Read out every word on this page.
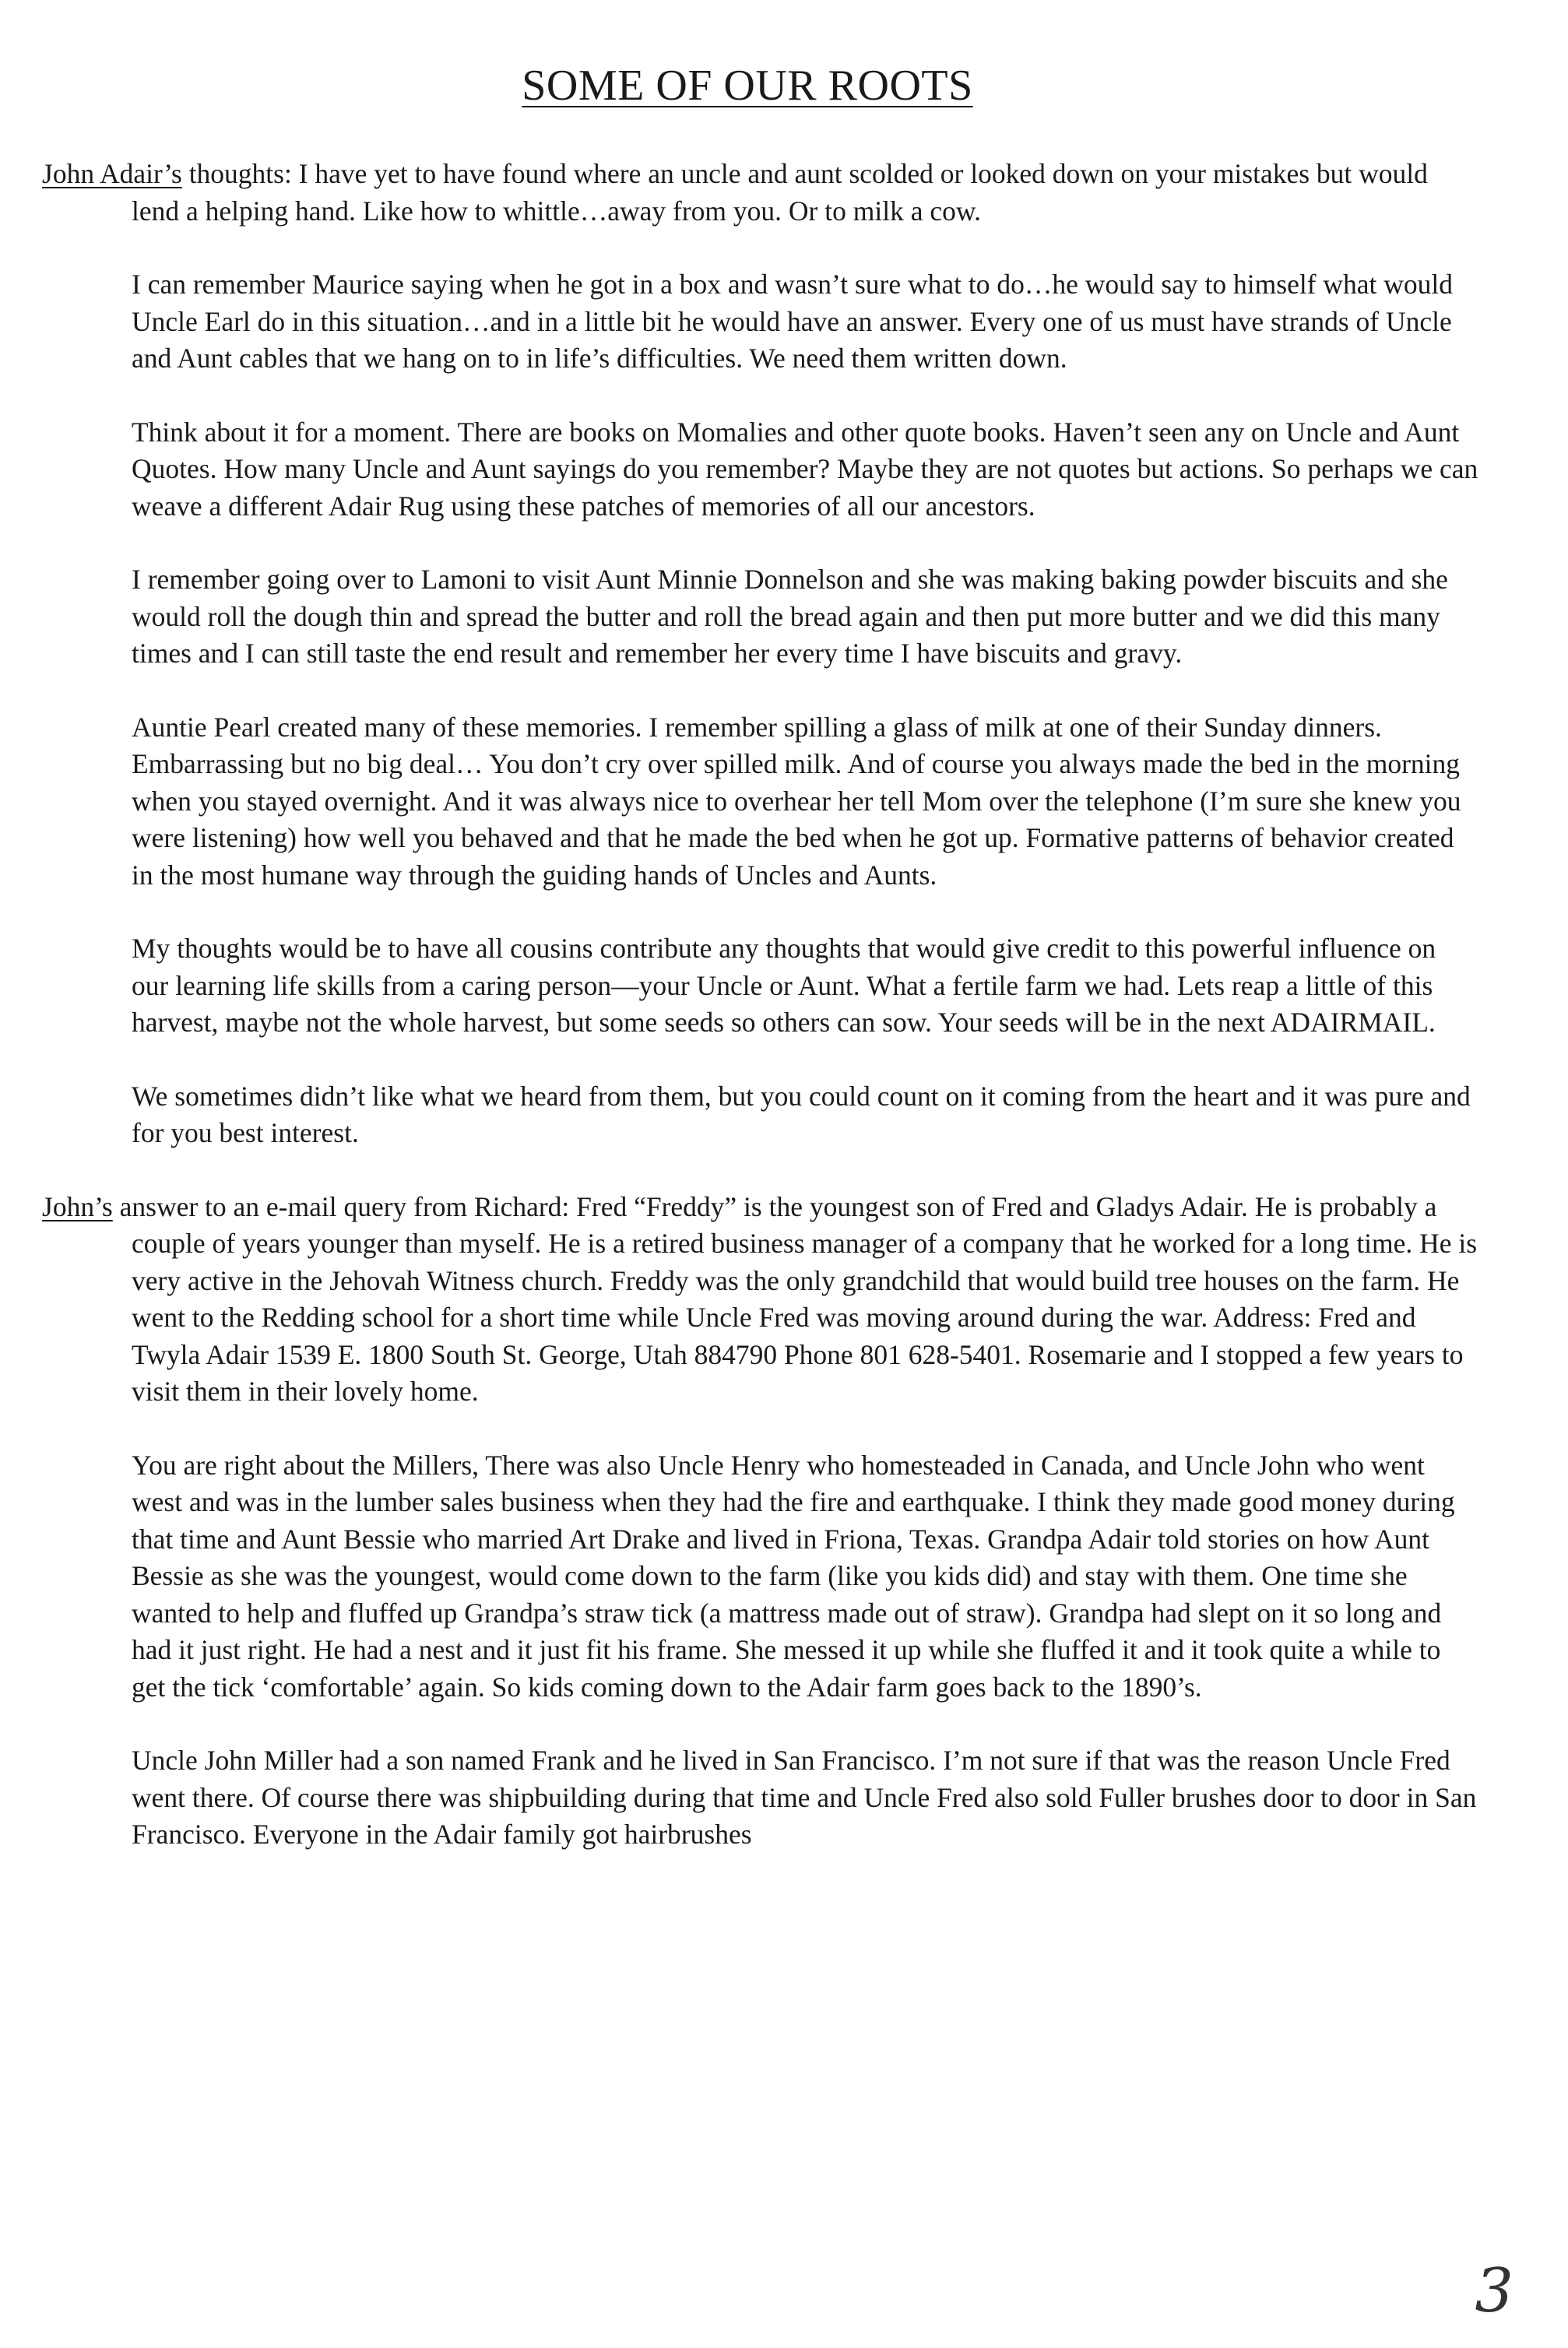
SOME OF OUR ROOTS

John Adair’s thoughts: I have yet to have found where an uncle and aunt scolded or looked down on your mistakes but would lend a helping hand. Like how to whittle…away from you. Or to milk a cow.

I can remember Maurice saying when he got in a box and wasn’t sure what to do…he would say to himself what would Uncle Earl do in this situation…and in a little bit he would have an answer. Every one of us must have strands of Uncle and Aunt cables that we hang on to in life’s difficulties. We need them written down.

Think about it for a moment. There are books on Momalies and other quote books. Haven’t seen any on Uncle and Aunt Quotes. How many Uncle and Aunt sayings do you remember? Maybe they are not quotes but actions. So perhaps we can weave a different Adair Rug using these patches of memories of all our ancestors.

I remember going over to Lamoni to visit Aunt Minnie Donnelson and she was making baking powder biscuits and she would roll the dough thin and spread the butter and roll the bread again and then put more butter and we did this many times and I can still taste the end result and remember her every time I have biscuits and gravy.

Auntie Pearl created many of these memories. I remember spilling a glass of milk at one of their Sunday dinners. Embarrassing but no big deal… You don’t cry over spilled milk. And of course you always made the bed in the morning when you stayed overnight. And it was always nice to overhear her tell Mom over the telephone (I’m sure she knew you were listening) how well you behaved and that he made the bed when he got up. Formative patterns of behavior created in the most humane way through the guiding hands of Uncles and Aunts.

My thoughts would be to have all cousins contribute any thoughts that would give credit to this powerful influence on our learning life skills from a caring person—your Uncle or Aunt. What a fertile farm we had. Lets reap a little of this harvest, maybe not the whole harvest, but some seeds so others can sow. Your seeds will be in the next ADAIRMAIL.

We sometimes didn’t like what we heard from them, but you could count on it coming from the heart and it was pure and for you best interest.

John’s answer to an e-mail query from Richard: Fred “Freddy” is the youngest son of Fred and Gladys Adair. He is probably a couple of years younger than myself. He is a retired business manager of a company that he worked for a long time. He is very active in the Jehovah Witness church. Freddy was the only grandchild that would build tree houses on the farm. He went to the Redding school for a short time while Uncle Fred was moving around during the war. Address: Fred and Twyla Adair 1539 E. 1800 South St. George, Utah 884790 Phone 801 628-5401. Rosemarie and I stopped a few years to visit them in their lovely home.

You are right about the Millers, There was also Uncle Henry who homesteaded in Canada, and Uncle John who went west and was in the lumber sales business when they had the fire and earthquake. I think they made good money during that time and Aunt Bessie who married Art Drake and lived in Friona, Texas. Grandpa Adair told stories on how Aunt Bessie as she was the youngest, would come down to the farm (like you kids did) and stay with them. One time she wanted to help and fluffed up Grandpa’s straw tick (a mattress made out of straw). Grandpa had slept on it so long and had it just right. He had a nest and it just fit his frame. She messed it up while she fluffed it and it took quite a while to get the tick ‘comfortable’ again. So kids coming down to the Adair farm goes back to the 1890’s.

Uncle John Miller had a son named Frank and he lived in San Francisco. I’m not sure if that was the reason Uncle Fred went there. Of course there was shipbuilding during that time and Uncle Fred also sold Fuller brushes door to door in San Francisco. Everyone in the Adair family got hairbrushes

3
